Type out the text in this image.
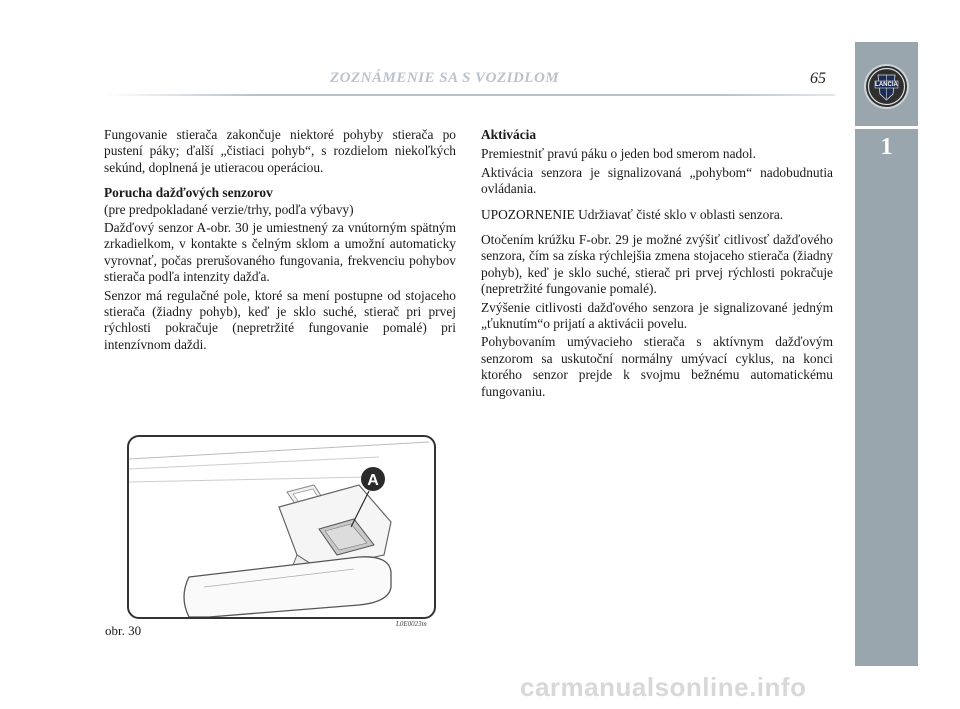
ZOZNÁMENIE SA S VOZIDLOM	65	LANCIA
1

Fungovanie stierača zakončuje niektoré pohyby stierača po pustení páky; ďalší „čistiaci pohyb“, s rozdielom niekoľkých sekúnd, doplnená je utieracou operáciou.

Porucha dažďových senzorov

(pre predpokladané verzie/trhy, podľa výbavy)

Dažďový senzor A-obr. 30 je umiestnený za vnútorným spätným zrkadielkom, v kontakte s čelným sklom a umožní automaticky vyrovnať, počas prerušovaného fungovania, frekvenciu pohybov stierača podľa intenzity dažďa.

Senzor má regulačné pole, ktoré sa mení postupne od stojaceho stierača (žiadny pohyb), keď je sklo suché, stierač pri prvej rýchlosti pokračuje (nepretržité fungovanie pomalé) pri intenzívnom daždi.

Aktivácia

Premiestniť pravú páku o jeden bod smerom nadol.

Aktivácia senzora je signalizovaná „pohybom“ nadobudnutia ovládania.

UPOZORNENIE Udržiavať čisté sklo v oblasti senzora.

Otočením krúžku F-obr. 29 je možné zvýšiť citlivosť dažďového senzora, čím sa získa rýchlejšia zmena stojaceho stierača (žiadny pohyb), keď je sklo suché, stierač pri prvej rýchlosti pokračuje (nepretržité fungovanie pomalé).

Zvýšenie citlivosti dažďového senzora je signalizované jedným „ťuknutím“o prijatí a aktivácii povelu.

Pohybovaním umývacieho stierača s aktívnym dažďovým senzorom sa uskutoční normálny umývací cyklus, na konci ktorého senzor prejde k svojmu bežnému automatickému fungovaniu.

A
obr. 30	L0E0023m
carmanualsonline.info
